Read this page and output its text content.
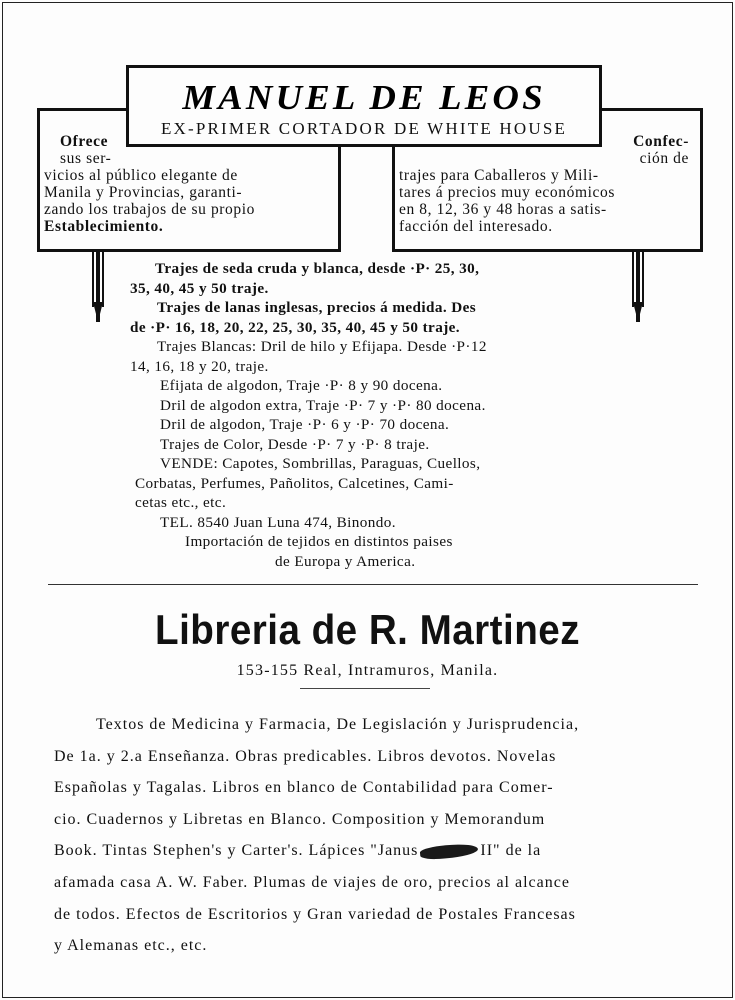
Ofrece
sus ser-
vicios al público elegante de
Manila y Provincias, garanti-
zando los trabajos de su propio
Establecimiento.
Confec-
ción de
trajes para Caballeros y Mili-
tares á precios muy económicos
en 8, 12, 36 y 48 horas a satis-
facción del interesado.
MANUEL DE LEOS
EX-PRIMER CORTADOR DE WHITE HOUSE
Trajes de seda cruda y blanca, desde ·P· 25, 30,
35, 40, 45 y 50 traje.
Trajes de lanas inglesas, precios á medida. Des
de ·P· 16, 18, 20, 22, 25, 30, 35, 40, 45 y 50 traje.
Trajes Blancas: Dril de hilo y Efijapa. Desde ·P·12
14, 16, 18 y 20, traje.
Efijata de algodon, Traje ·P· 8 y 90 docena.
Dril de algodon extra, Traje ·P· 7 y ·P· 80 docena.
Dril de algodon, Traje ·P· 6 y ·P· 70 docena.
Trajes de Color, Desde ·P· 7 y ·P· 8 traje.
VENDE: Capotes, Sombrillas, Paraguas, Cuellos,
Corbatas, Perfumes, Pañolitos, Calcetines, Cami-
cetas etc., etc.
TEL. 8540 Juan Luna 474, Binondo.
Importación de tejidos en distintos paises
de Europa y America.
Libreria de R. Martinez
153-155 Real, Intramuros, Manila.
Textos de Medicina y Farmacia, De Legislación y Jurisprudencia,
De 1a. y 2.a Enseñanza. Obras predicables. Libros devotos. Novelas
Españolas y Tagalas. Libros en blanco de Contabilidad para Comer-
cio. Cuadernos y Libretas en Blanco. Composition y Memorandum
Book. Tintas Stephen's y Carter's. Lápices "Janus	II" de la
afamada casa A. W. Faber. Plumas de viajes de oro, precios al alcance
de todos. Efectos de Escritorios y Gran variedad de Postales Francesas
y Alemanas etc., etc.
